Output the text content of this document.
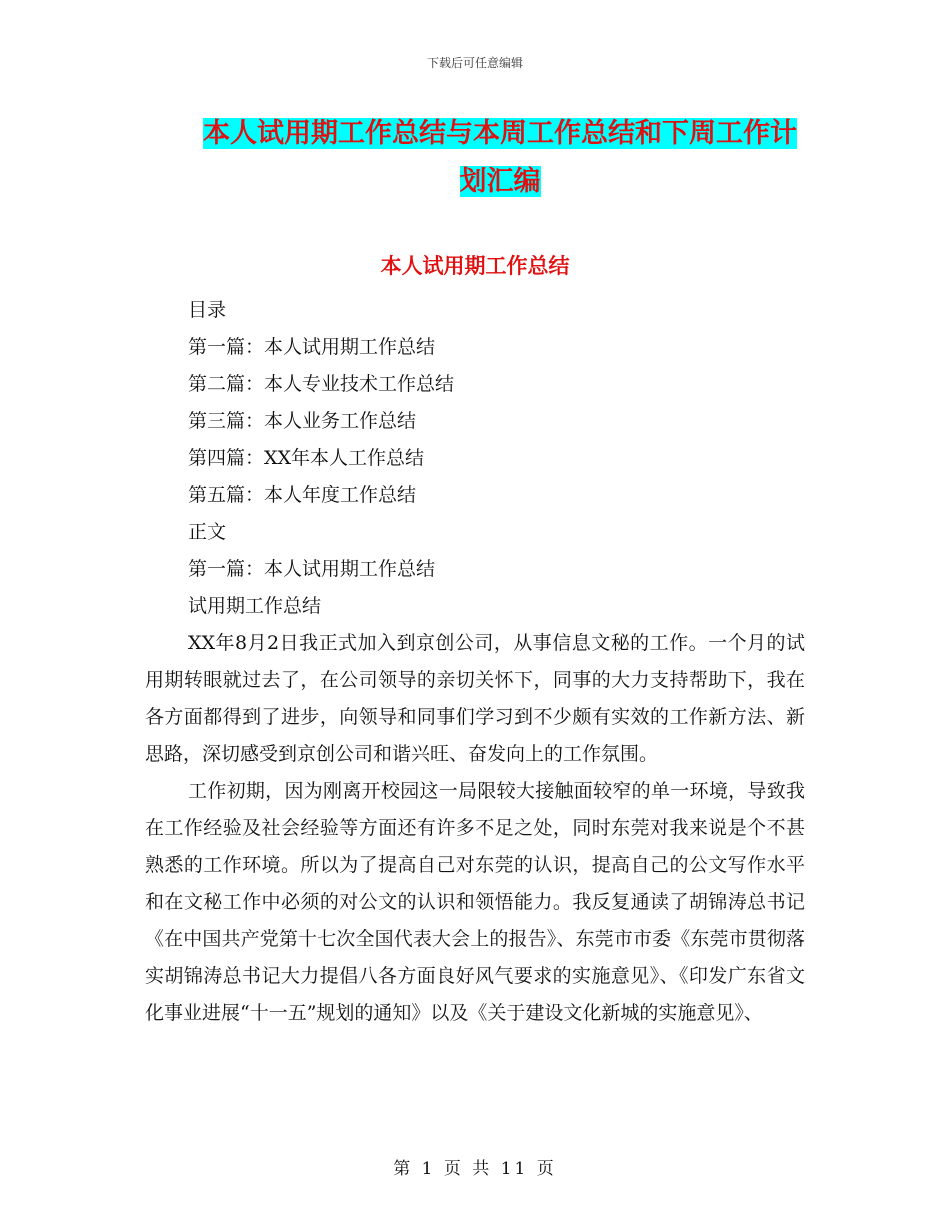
下载后可任意编辑
本人试用期工作总结与本周工作总结和下周工作计划汇编
本人试用期工作总结
目录
第一篇：本人试用期工作总结
第二篇：本人专业技术工作总结
第三篇：本人业务工作总结
第四篇：XX年本人工作总结
第五篇：本人年度工作总结
正文
第一篇：本人试用期工作总结
试用期工作总结

XX年8月2日我正式加入到京创公司，从事信息文秘的工作。一个月的试用期转眼就过去了，在公司领导的亲切关怀下，同事的大力支持帮助下，我在各方面都得到了进步，向领导和同事们学习到不少颇有实效的工作新方法、新思路，深切感受到京创公司和谐兴旺、奋发向上的工作氛围。

工作初期，因为刚离开校园这一局限较大接触面较窄的单一环境，导致我在工作经验及社会经验等方面还有许多不足之处，同时东莞对我来说是个不甚熟悉的工作环境。所以为了提高自己对东莞的认识，提高自己的公文写作水平和在文秘工作中必须的对公文的认识和领悟能力。我反复通读了胡锦涛总书记《在中国共产党第十七次全国代表大会上的报告》、东莞市市委《东莞市贯彻落实胡锦涛总书记大力提倡八各方面良好风气要求的实施意见》、《印发广东省文化事业进展“十一五”规划的通知》以及《关于建设文化新城的实施意见》、

第 1 页 共 11 页
